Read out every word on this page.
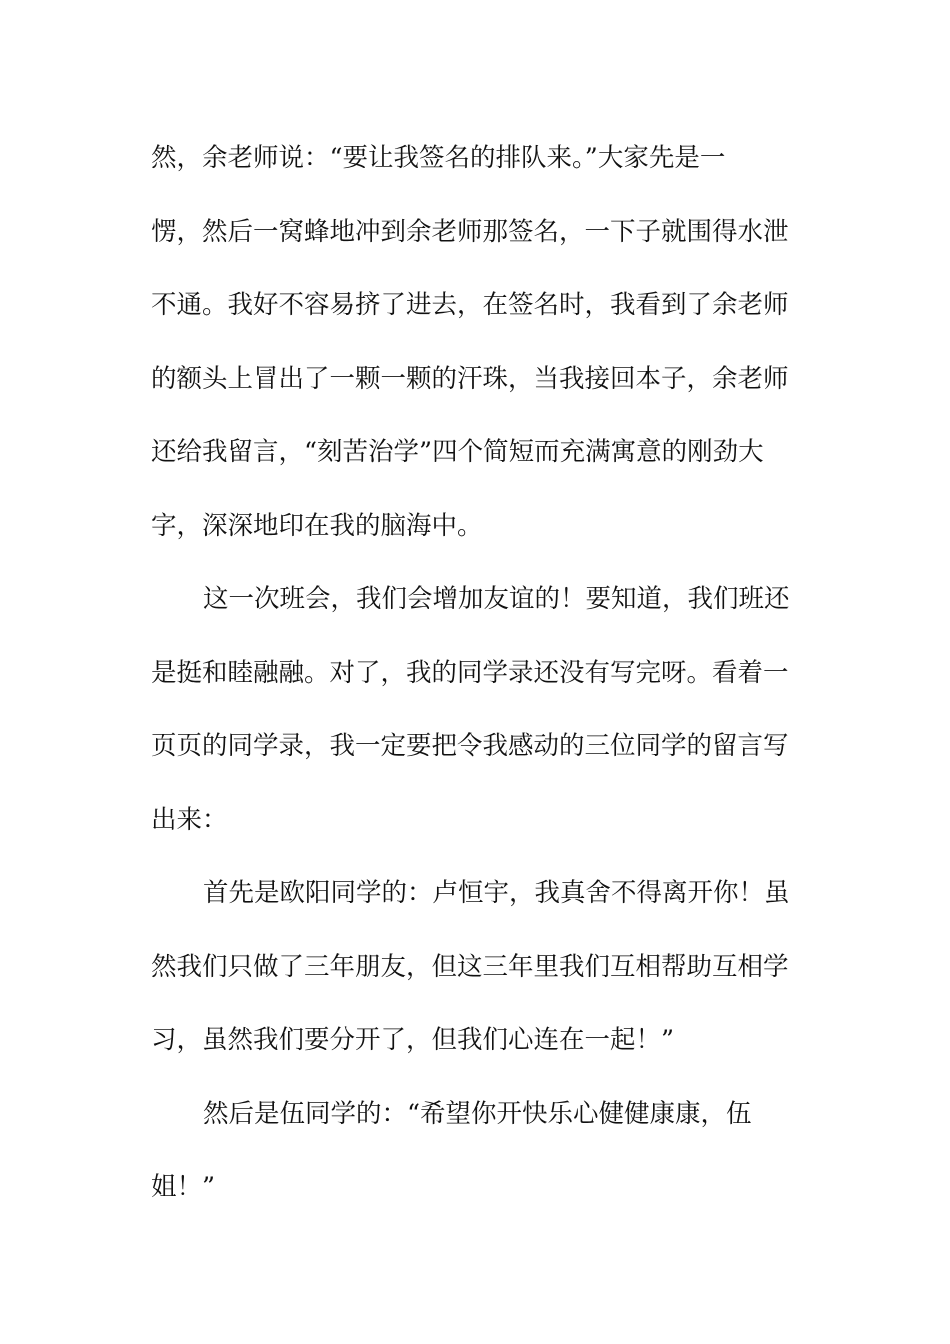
然，余老师说：“要让我签名的排队来。”大家先是一
愣，然后一窝蜂地冲到余老师那签名，一下子就围得水泄
不通。我好不容易挤了进去，在签名时，我看到了余老师
的额头上冒出了一颗一颗的汗珠，当我接回本子，余老师
还给我留言，“刻苦治学”四个简短而充满寓意的刚劲大
字，深深地印在我的脑海中。
这一次班会，我们会增加友谊的！要知道，我们班还
是挺和睦融融。对了，我的同学录还没有写完呀。看着一
页页的同学录，我一定要把令我感动的三位同学的留言写
出来：
首先是欧阳同学的：卢恒宇，我真舍不得离开你！虽
然我们只做了三年朋友，但这三年里我们互相帮助互相学
习，虽然我们要分开了，但我们心连在一起！”
然后是伍同学的：“希望你开快乐心健健康康，伍
姐！”
